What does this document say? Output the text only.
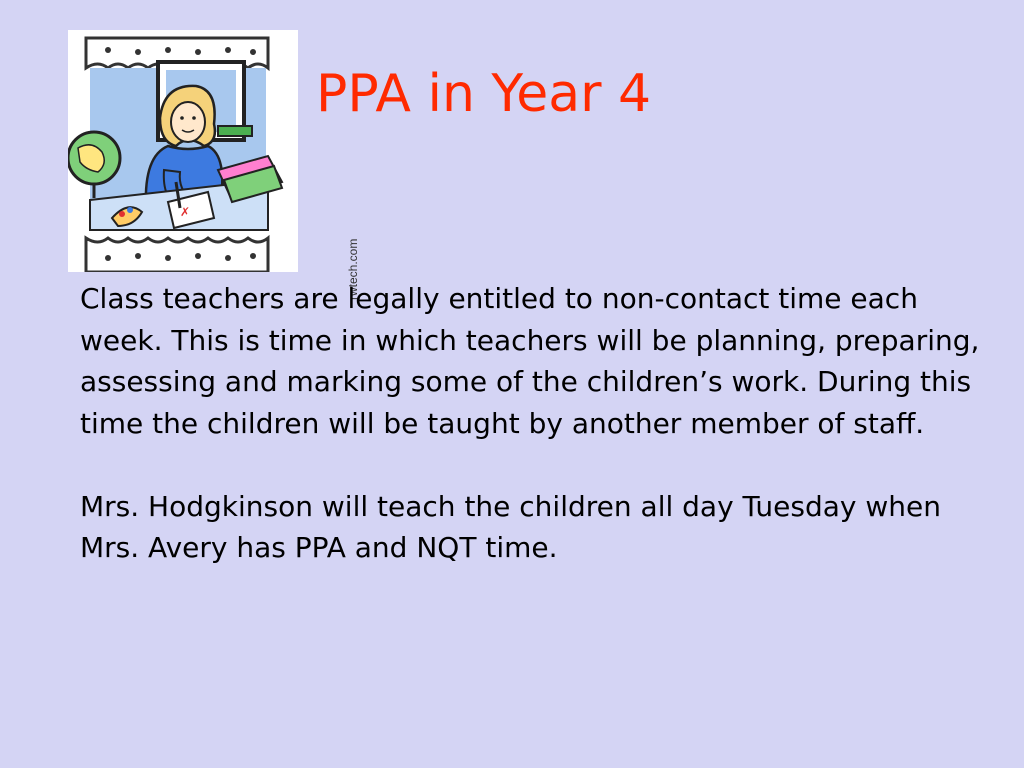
✗
rwtech.com
PPA in Year 4

Class teachers are legally entitled to non-contact time each week. This is time in which teachers will be planning, preparing, assessing and marking some of the children’s work. During this time the children will be taught by another member of staff.

Mrs. Hodgkinson will teach the children all day Tuesday when Mrs. Avery has PPA and NQT time.
